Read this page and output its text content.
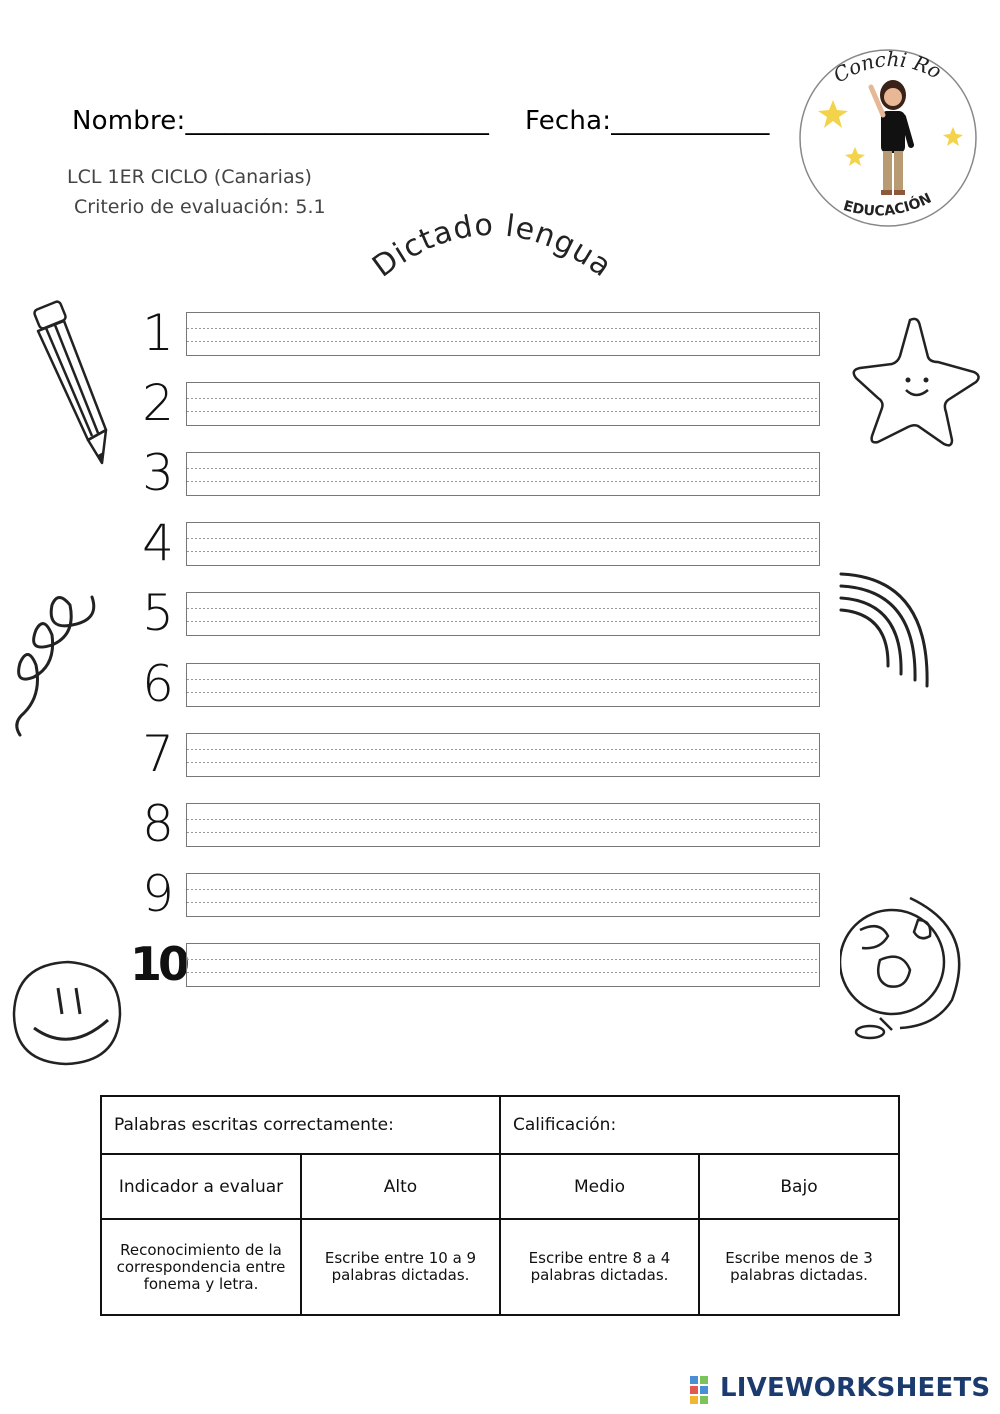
Nombre:_______________________ Fecha:____________
LCL 1ER CICLO (Canarias)
Criterio de evaluación: 5.1
Dictado lengua
Conchi Ro
EDUCACIÓN
1
2
3
4
5
6
7
8
9
10
Palabras escritas correctamente:		Calificación:	
Indicador a evaluar	Alto	Medio	Bajo
Reconocimiento de la correspondencia entre fonema y letra.	Escribe entre 10 a 9 palabras dictadas.	Escribe entre 8 a 4 palabras dictadas.	Escribe menos de 3 palabras dictadas.
LIVEWORKSHEETS
